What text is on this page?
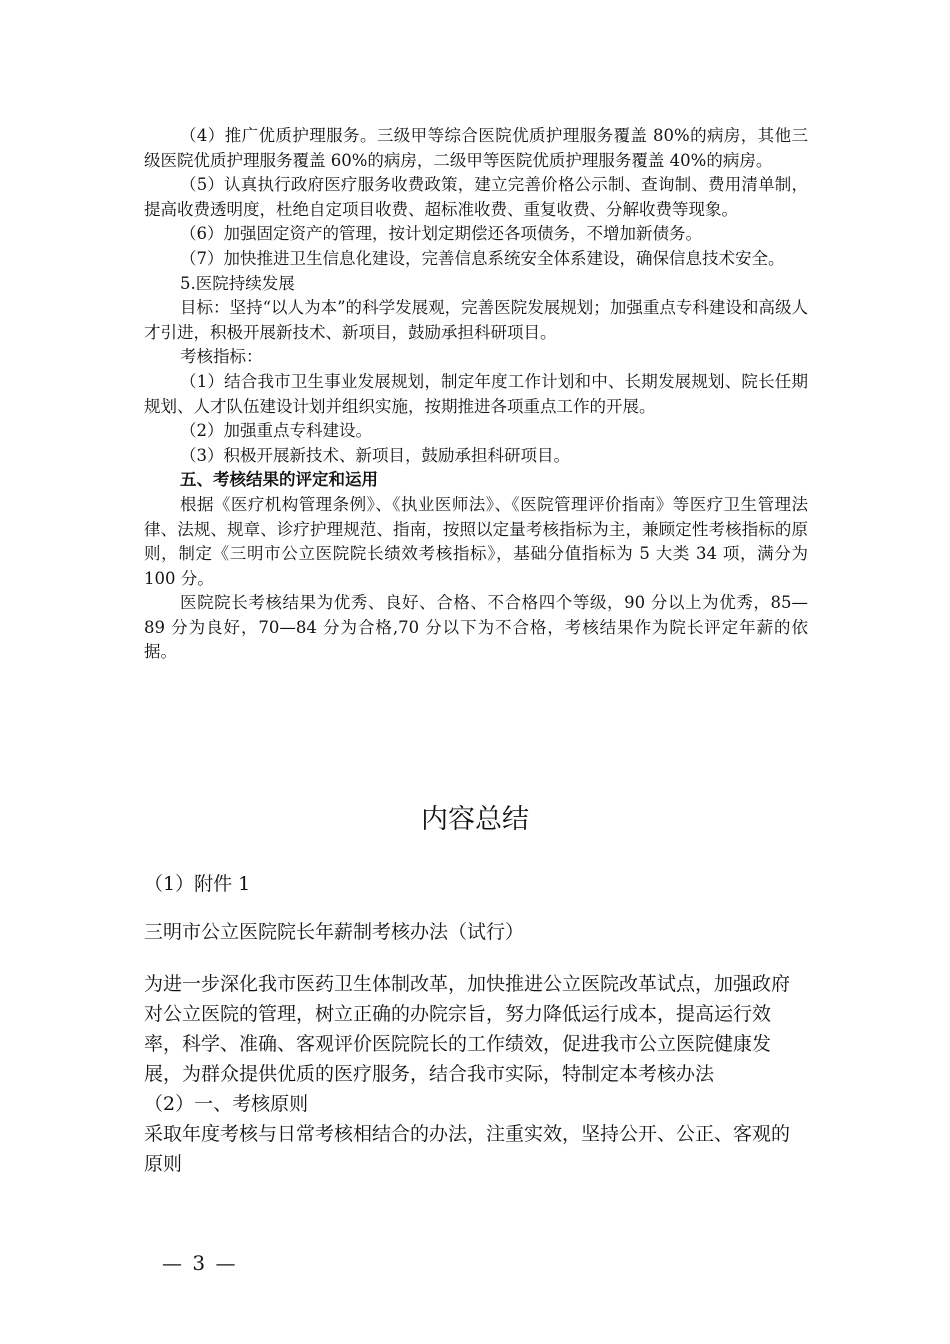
（4）推广优质护理服务。三级甲等综合医院优质护理服务覆盖 80%的病房，其他三级医院优质护理服务覆盖 60%的病房，二级甲等医院优质护理服务覆盖 40%的病房。

（5）认真执行政府医疗服务收费政策，建立完善价格公示制、查询制、费用清单制，提高收费透明度，杜绝自定项目收费、超标准收费、重复收费、分解收费等现象。

（6）加强固定资产的管理，按计划定期偿还各项债务，不增加新债务。

（7）加快推进卫生信息化建设，完善信息系统安全体系建设，确保信息技术安全。

5.医院持续发展

目标：坚持“以人为本”的科学发展观，完善医院发展规划；加强重点专科建设和高级人才引进，积极开展新技术、新项目，鼓励承担科研项目。

考核指标：

（1）结合我市卫生事业发展规划，制定年度工作计划和中、长期发展规划、院长任期规划、人才队伍建设计划并组织实施，按期推进各项重点工作的开展。

（2）加强重点专科建设。

（3）积极开展新技术、新项目，鼓励承担科研项目。

五、考核结果的评定和运用

根据《医疗机构管理条例》、《执业医师法》、《医院管理评价指南》等医疗卫生管理法律、法规、规章、诊疗护理规范、指南，按照以定量考核指标为主，兼顾定性考核指标的原则，制定《三明市公立医院院长绩效考核指标》，基础分值指标为 5 大类 34 项，满分为 100 分。

医院院长考核结果为优秀、良好、合格、不合格四个等级，90 分以上为优秀，85—89 分为良好，70—84 分为合格,70 分以下为不合格，考核结果作为院长评定年薪的依据。

内容总结

（1）附件 1

三明市公立医院院长年薪制考核办法（试行）

为进一步深化我市医药卫生体制改革，加快推进公立医院改革试点，加强政府对公立医院的管理，树立正确的办院宗旨，努力降低运行成本，提高运行效率，科学、准确、客观评价医院院长的工作绩效，促进我市公立医院健康发展，为群众提供优质的医疗服务，结合我市实际，特制定本考核办法

（2）一、考核原则

采取年度考核与日常考核相结合的办法，注重实效，坚持公开、公正、客观的原则

— 3 —
